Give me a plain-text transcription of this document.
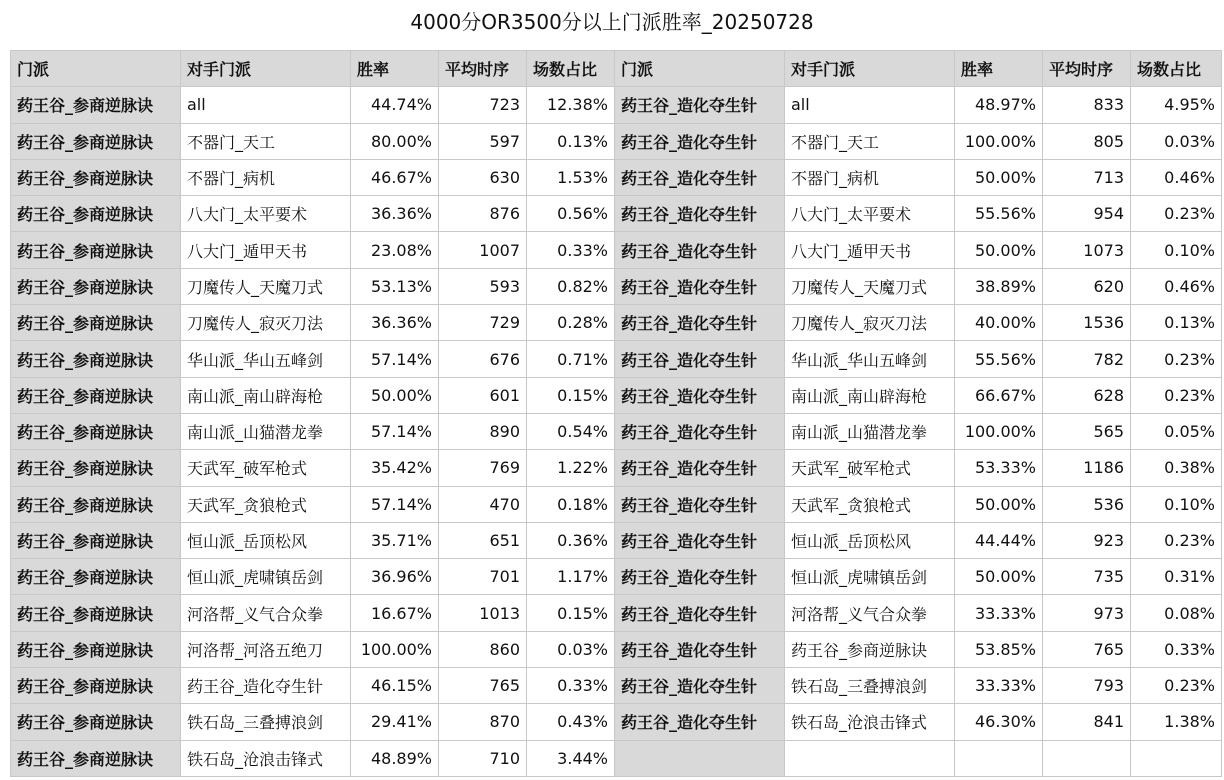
4000分OR3500分以上门派胜率_20250728
门派	对手门派	胜率	平均时序	场数占比	门派	对手门派	胜率	平均时序	场数占比
药王谷_参商逆脉诀	all	44.74%	723	12.38%	药王谷_造化夺生针	all	48.97%	833	4.95%
药王谷_参商逆脉诀	不器门_天工	80.00%	597	0.13%	药王谷_造化夺生针	不器门_天工	100.00%	805	0.03%
药王谷_参商逆脉诀	不器门_病机	46.67%	630	1.53%	药王谷_造化夺生针	不器门_病机	50.00%	713	0.46%
药王谷_参商逆脉诀	八大门_太平要术	36.36%	876	0.56%	药王谷_造化夺生针	八大门_太平要术	55.56%	954	0.23%
药王谷_参商逆脉诀	八大门_遁甲天书	23.08%	1007	0.33%	药王谷_造化夺生针	八大门_遁甲天书	50.00%	1073	0.10%
药王谷_参商逆脉诀	刀魔传人_天魔刀式	53.13%	593	0.82%	药王谷_造化夺生针	刀魔传人_天魔刀式	38.89%	620	0.46%
药王谷_参商逆脉诀	刀魔传人_寂灭刀法	36.36%	729	0.28%	药王谷_造化夺生针	刀魔传人_寂灭刀法	40.00%	1536	0.13%
药王谷_参商逆脉诀	华山派_华山五峰剑	57.14%	676	0.71%	药王谷_造化夺生针	华山派_华山五峰剑	55.56%	782	0.23%
药王谷_参商逆脉诀	南山派_南山辟海枪	50.00%	601	0.15%	药王谷_造化夺生针	南山派_南山辟海枪	66.67%	628	0.23%
药王谷_参商逆脉诀	南山派_山猫潜龙拳	57.14%	890	0.54%	药王谷_造化夺生针	南山派_山猫潜龙拳	100.00%	565	0.05%
药王谷_参商逆脉诀	天武军_破军枪式	35.42%	769	1.22%	药王谷_造化夺生针	天武军_破军枪式	53.33%	1186	0.38%
药王谷_参商逆脉诀	天武军_贪狼枪式	57.14%	470	0.18%	药王谷_造化夺生针	天武军_贪狼枪式	50.00%	536	0.10%
药王谷_参商逆脉诀	恒山派_岳顶松风	35.71%	651	0.36%	药王谷_造化夺生针	恒山派_岳顶松风	44.44%	923	0.23%
药王谷_参商逆脉诀	恒山派_虎啸镇岳剑	36.96%	701	1.17%	药王谷_造化夺生针	恒山派_虎啸镇岳剑	50.00%	735	0.31%
药王谷_参商逆脉诀	河洛帮_义气合众拳	16.67%	1013	0.15%	药王谷_造化夺生针	河洛帮_义气合众拳	33.33%	973	0.08%
药王谷_参商逆脉诀	河洛帮_河洛五绝刀	100.00%	860	0.03%	药王谷_造化夺生针	药王谷_参商逆脉诀	53.85%	765	0.33%
药王谷_参商逆脉诀	药王谷_造化夺生针	46.15%	765	0.33%	药王谷_造化夺生针	铁石岛_三叠搏浪剑	33.33%	793	0.23%
药王谷_参商逆脉诀	铁石岛_三叠搏浪剑	29.41%	870	0.43%	药王谷_造化夺生针	铁石岛_沧浪击锋式	46.30%	841	1.38%
药王谷_参商逆脉诀	铁石岛_沧浪击锋式	48.89%	710	3.44%					
